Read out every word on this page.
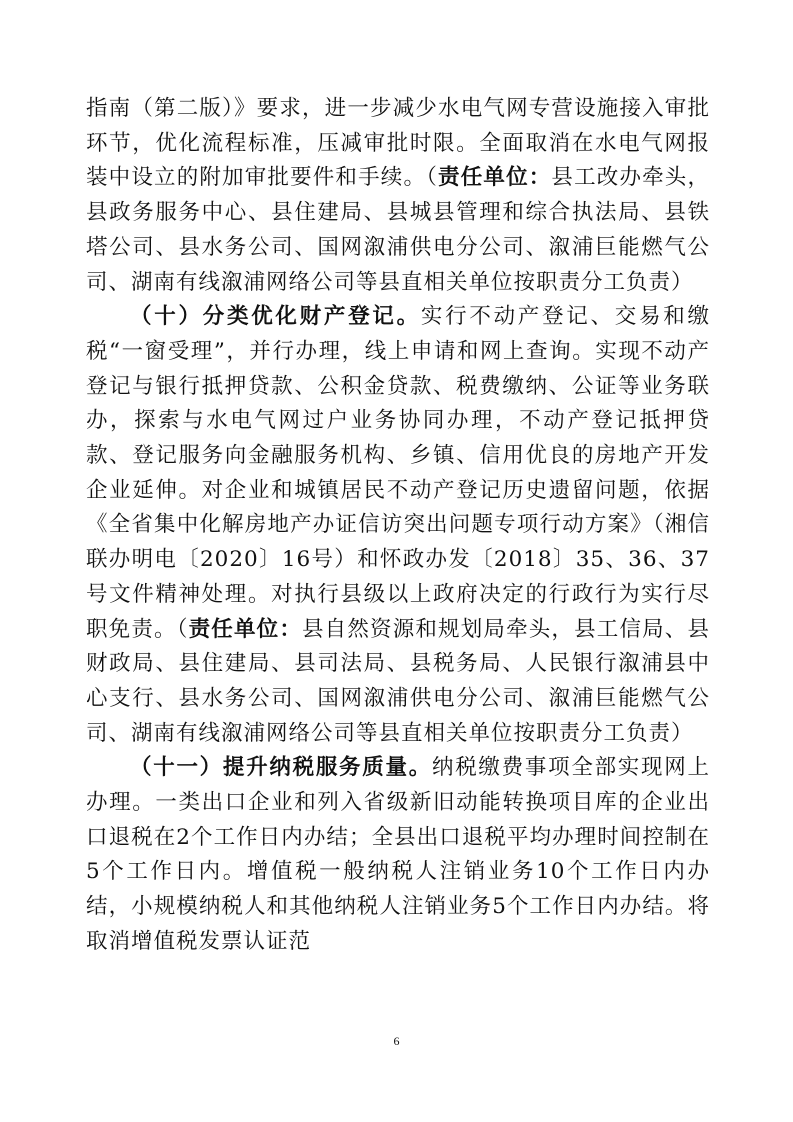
指南（第二版）》要求，进一步减少水电气网专营设施接入审批环节，优化流程标准，压减审批时限。全面取消在水电气网报装中设立的附加审批要件和手续。（责任单位：县工改办牵头，县政务服务中心、县住建局、县城县管理和综合执法局、县铁塔公司、县水务公司、国网溆浦供电分公司、溆浦巨能燃气公司、湖南有线溆浦网络公司等县直相关单位按职责分工负责）

（十）分类优化财产登记。实行不动产登记、交易和缴税“一窗受理”，并行办理，线上申请和网上查询。实现不动产登记与银行抵押贷款、公积金贷款、税费缴纳、公证等业务联办，探索与水电气网过户业务协同办理，不动产登记抵押贷款、登记服务向金融服务机构、乡镇、信用优良的房地产开发企业延伸。对企业和城镇居民不动产登记历史遗留问题，依据《全省集中化解房地产办证信访突出问题专项行动方案》（湘信联办明电〔2020〕16号）和怀政办发〔2018〕35、36、37号文件精神处理。对执行县级以上政府决定的行政行为实行尽职免责。（责任单位：县自然资源和规划局牵头，县工信局、县财政局、县住建局、县司法局、县税务局、人民银行溆浦县中心支行、县水务公司、国网溆浦供电分公司、溆浦巨能燃气公司、湖南有线溆浦网络公司等县直相关单位按职责分工负责）

（十一）提升纳税服务质量。纳税缴费事项全部实现网上办理。一类出口企业和列入省级新旧动能转换项目库的企业出口退税在2个工作日内办结；全县出口退税平均办理时间控制在5个工作日内。增值税一般纳税人注销业务10个工作日内办结，小规模纳税人和其他纳税人注销业务5个工作日内办结。将取消增值税发票认证范

6
